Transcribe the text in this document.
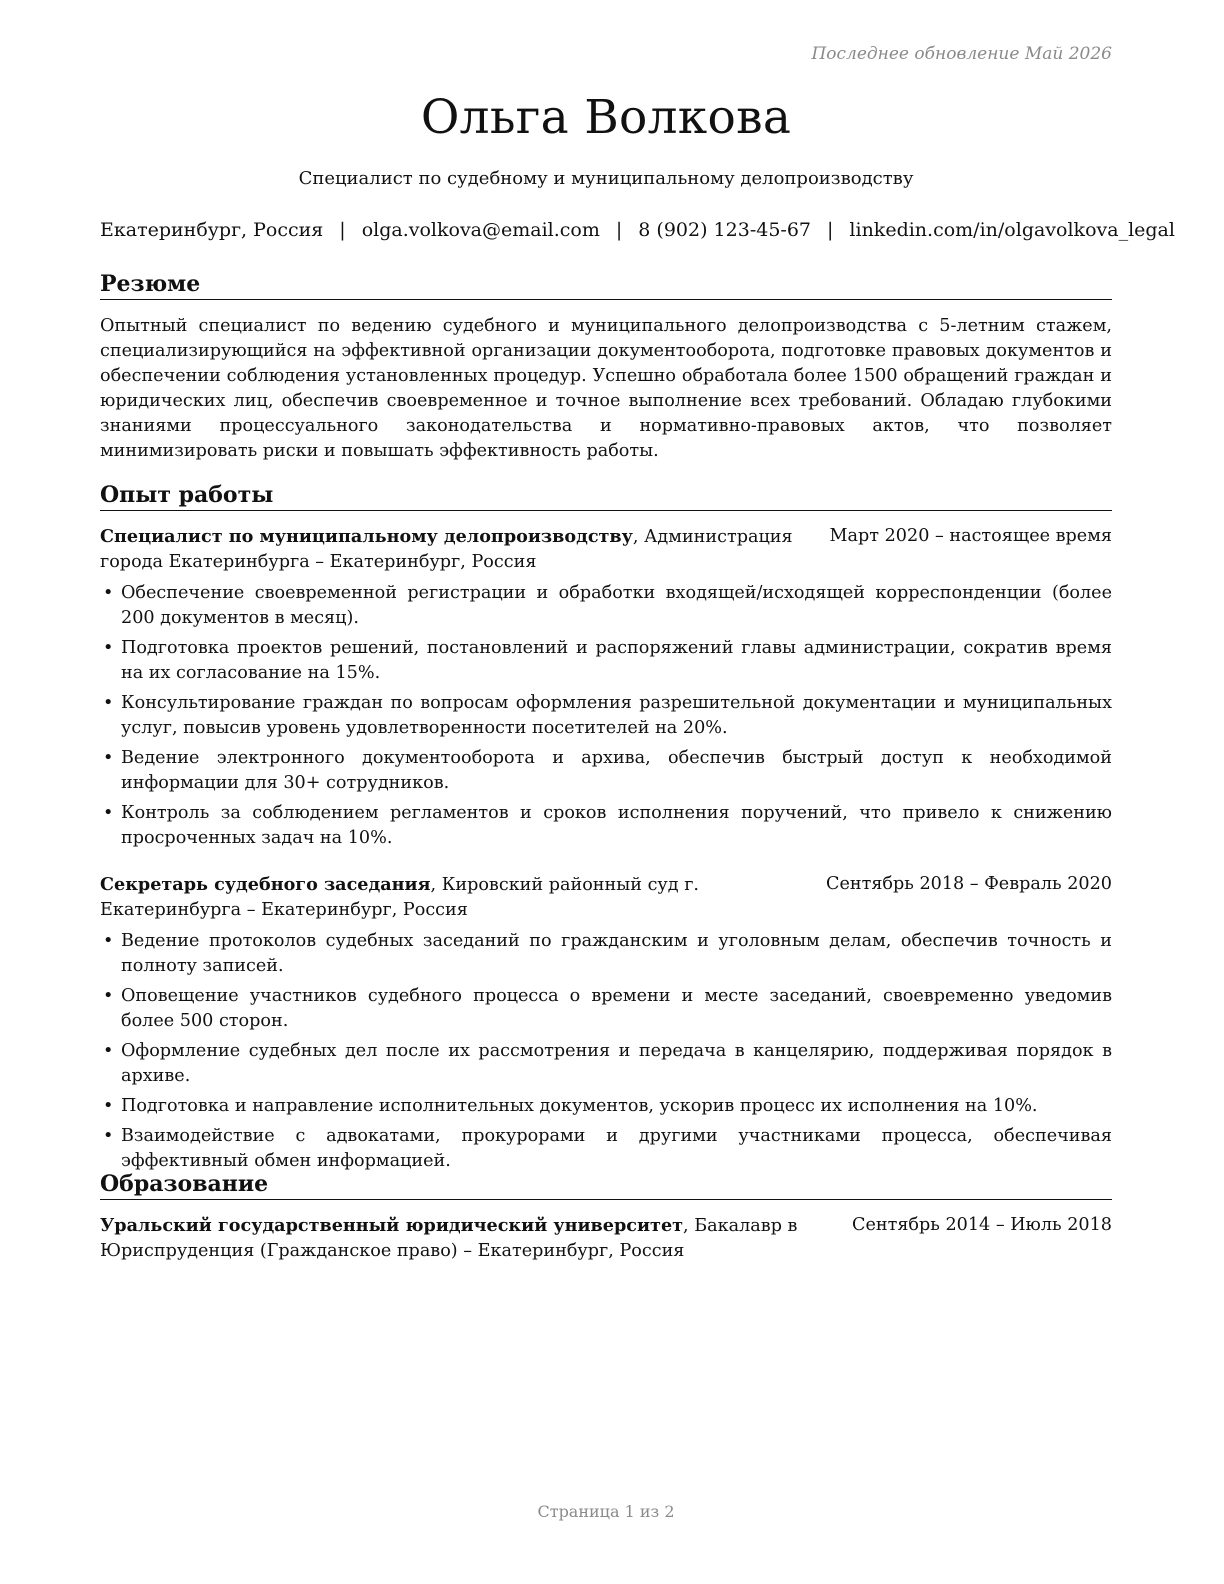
Последнее обновление Май 2026
Ольга Волкова
Специалист по судебному и муниципальному делопроизводству
Екатеринбург, Россия | olga.volkova@email.com | 8 (902) 123-45-67 | linkedin.com/in/olgavolkova_legal
Резюме
Опытный специалист по ведению судебного и муниципального делопроизводства с 5-летним стажем, специализирующийся на эффективной организации документооборота, подготовке правовых документов и обеспечении соблюдения установленных процедур. Успешно обработала более 1500 обращений граждан и юридических лиц, обеспечив своевременное и точное выполнение всех требований. Обладаю глубокими знаниями процессуального законодательства и нормативно-правовых актов, что позволяет минимизировать риски и повышать эффективность работы.
Опыт работы
Специалист по муниципальному делопроизводству, Администрация города Екатеринбурга – Екатеринбург, Россия
Март 2020 – настоящее время
• Обеспечение своевременной регистрации и обработки входящей/исходящей корреспонденции (более 200 документов в месяц).
• Подготовка проектов решений, постановлений и распоряжений главы администрации, сократив время на их согласование на 15%.
• Консультирование граждан по вопросам оформления разрешительной документации и муниципальных услуг, повысив уровень удовлетворенности посетителей на 20%.
• Ведение электронного документооборота и архива, обеспечив быстрый доступ к необходимой информации для 30+ сотрудников.
• Контроль за соблюдением регламентов и сроков исполнения поручений, что привело к снижению просроченных задач на 10%.
Секретарь судебного заседания, Кировский районный суд г. Екатеринбурга – Екатеринбург, Россия
Сентябрь 2018 – Февраль 2020
• Ведение протоколов судебных заседаний по гражданским и уголовным делам, обеспечив точность и полноту записей.
• Оповещение участников судебного процесса о времени и месте заседаний, своевременно уведомив более 500 сторон.
• Оформление судебных дел после их рассмотрения и передача в канцелярию, поддерживая порядок в архиве.
• Подготовка и направление исполнительных документов, ускорив процесс их исполнения на 10%.
• Взаимодействие с адвокатами, прокурорами и другими участниками процесса, обеспечивая эффективный обмен информацией.
Образование
Уральский государственный юридический университет, Бакалавр в Юриспруденция (Гражданское право) – Екатеринбург, Россия
Сентябрь 2014 – Июль 2018
Страница 1 из 2
